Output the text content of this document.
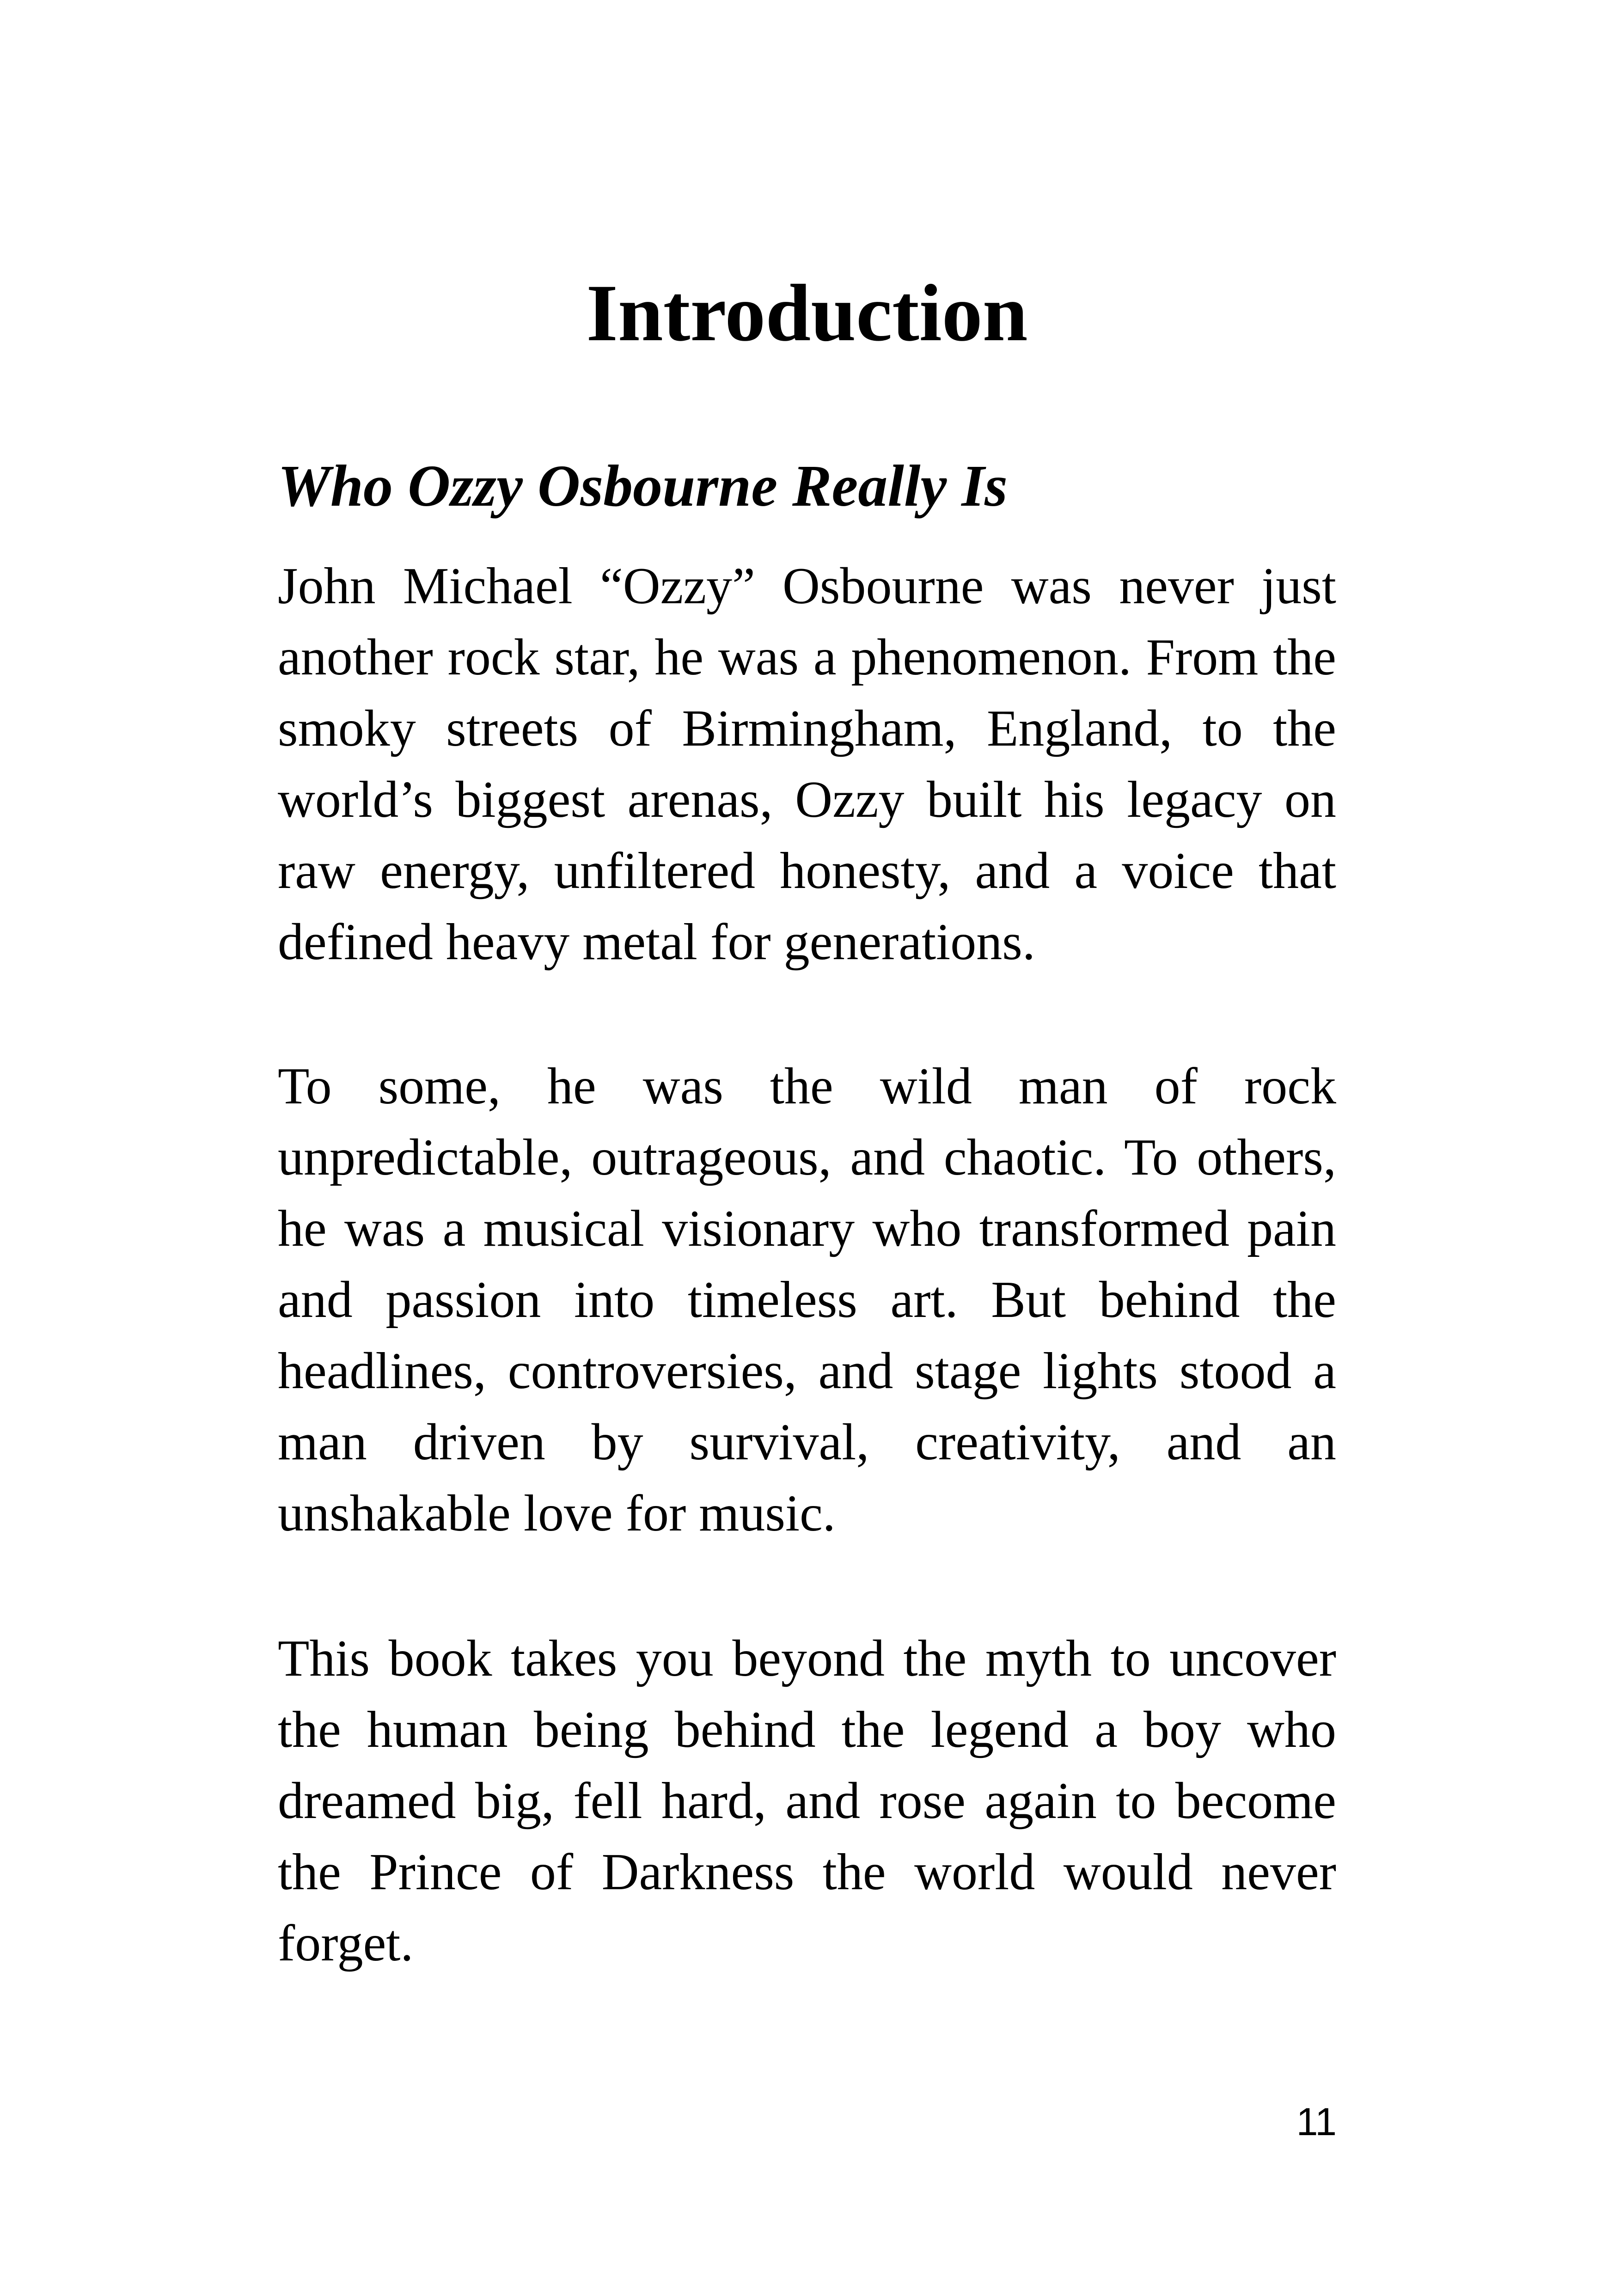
Introduction
Who Ozzy Osbourne Really Is

John Michael “Ozzy” Osbourne was never just another rock star, he was a phenomenon. From the smoky streets of Birmingham, England, to the world’s biggest arenas, Ozzy built his legacy on raw energy, unfiltered honesty, and a voice that defined heavy metal for generations.

To some, he was the wild man of rock unpredictable, outrageous, and chaotic. To others, he was a musical visionary who transformed pain and passion into timeless art. But behind the headlines, controversies, and stage lights stood a man driven by survival, creativity, and an unshakable love for music.

This book takes you beyond the myth to uncover the human being behind the legend a boy who dreamed big, fell hard, and rose again to become the Prince of Darkness the world would never forget.

11
